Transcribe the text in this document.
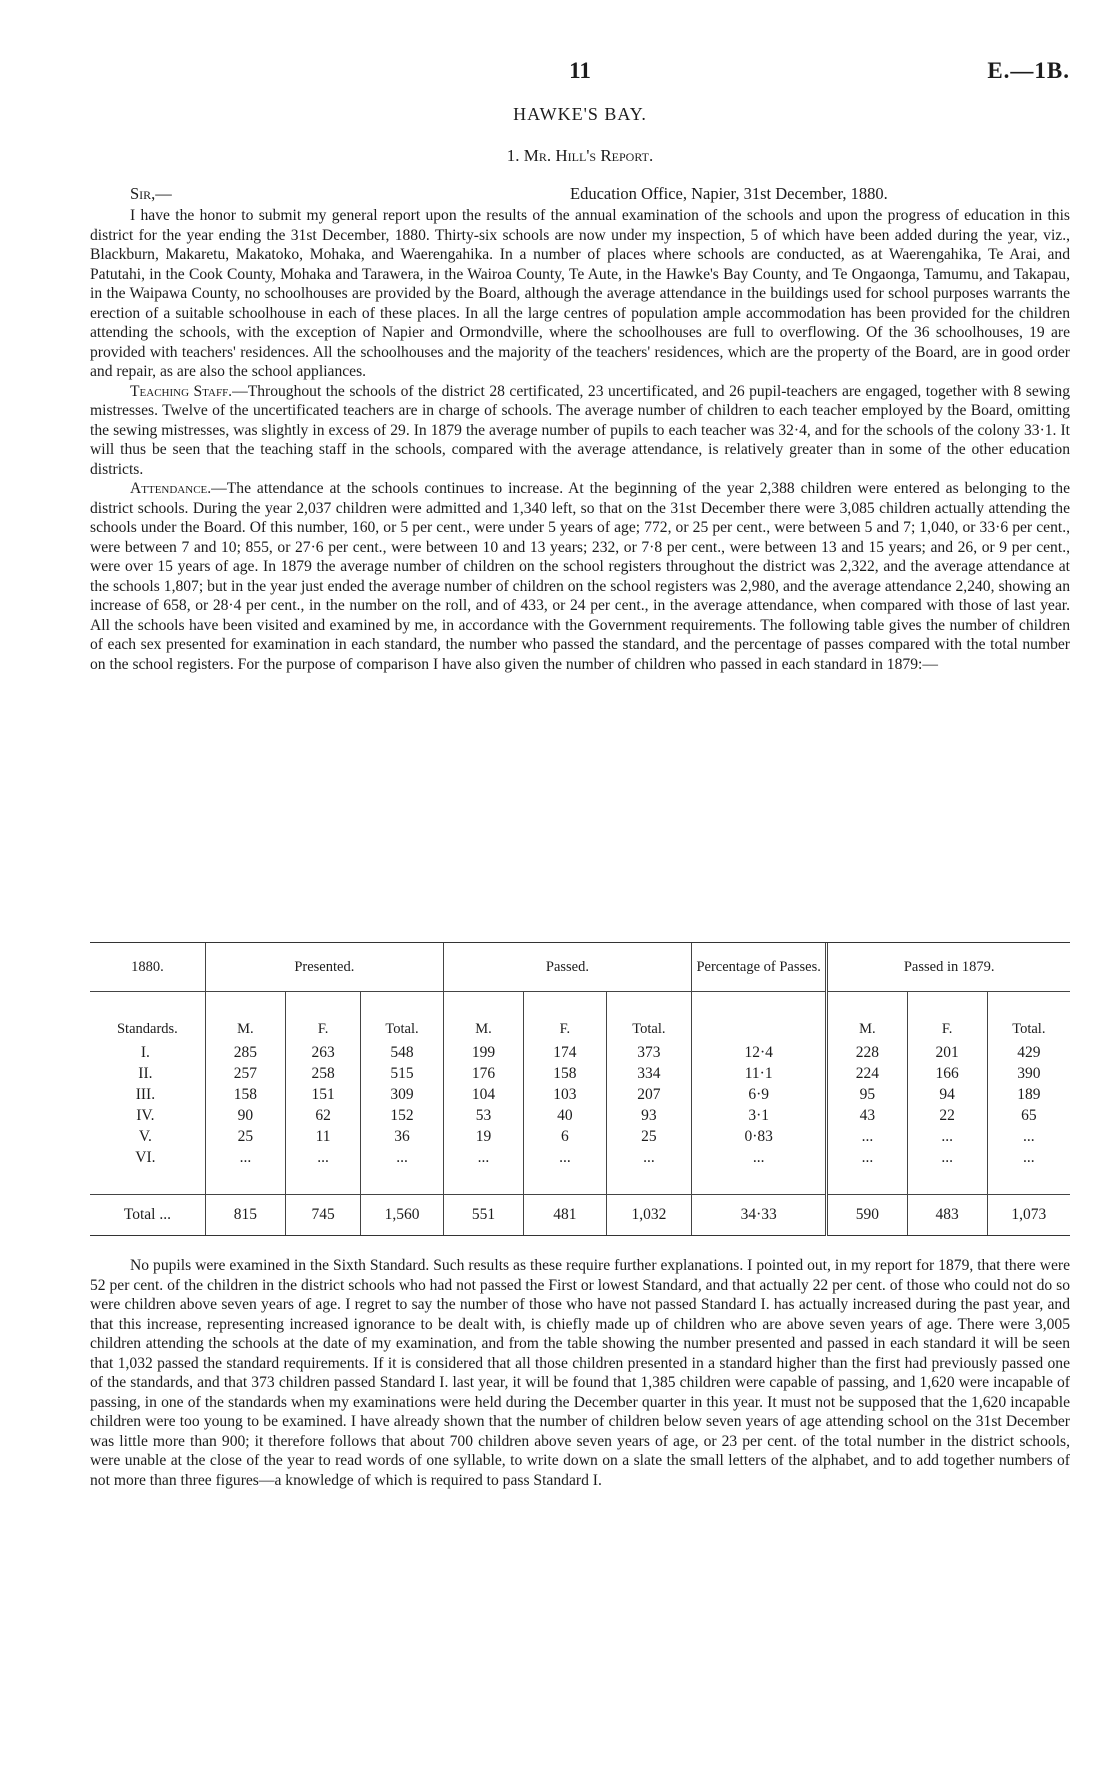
11	E.—1B.
HAWKE'S BAY.
1. Mr. Hill's Report.
Sir,—	Education Office, Napier, 31st December, 1880.

I have the honor to submit my general report upon the results of the annual examination of the schools and upon the progress of education in this district for the year ending the 31st December, 1880. Thirty-six schools are now under my inspection, 5 of which have been added during the year, viz., Blackburn, Makaretu, Makatoko, Mohaka, and Waerengahika. In a number of places where schools are conducted, as at Waerengahika, Te Arai, and Patutahi, in the Cook County, Mohaka and Tarawera, in the Wairoa County, Te Aute, in the Hawke's Bay County, and Te Ongaonga, Tamumu, and Takapau, in the Waipawa County, no schoolhouses are provided by the Board, although the average attendance in the buildings used for school purposes warrants the erection of a suitable schoolhouse in each of these places. In all the large centres of population ample accommodation has been provided for the children attending the schools, with the exception of Napier and Ormondville, where the schoolhouses are full to overflowing. Of the 36 schoolhouses, 19 are provided with teachers' residences. All the schoolhouses and the majority of the teachers' residences, which are the property of the Board, are in good order and repair, as are also the school appliances.

Teaching Staff.—Throughout the schools of the district 28 certificated, 23 uncertificated, and 26 pupil-teachers are engaged, together with 8 sewing mistresses. Twelve of the uncertificated teachers are in charge of schools. The average number of children to each teacher employed by the Board, omitting the sewing mistresses, was slightly in excess of 29. In 1879 the average number of pupils to each teacher was 32·4, and for the schools of the colony 33·1. It will thus be seen that the teaching staff in the schools, compared with the average attendance, is relatively greater than in some of the other education districts.

Attendance.—The attendance at the schools continues to increase. At the beginning of the year 2,388 children were entered as belonging to the district schools. During the year 2,037 children were admitted and 1,340 left, so that on the 31st December there were 3,085 children actually attending the schools under the Board. Of this number, 160, or 5 per cent., were under 5 years of age; 772, or 25 per cent., were between 5 and 7; 1,040, or 33·6 per cent., were between 7 and 10; 855, or 27·6 per cent., were between 10 and 13 years; 232, or 7·8 per cent., were between 13 and 15 years; and 26, or 9 per cent., were over 15 years of age. In 1879 the average number of children on the school registers throughout the district was 2,322, and the average attendance at the schools 1,807; but in the year just ended the average number of children on the school registers was 2,980, and the average attendance 2,240, showing an increase of 658, or 28·4 per cent., in the number on the roll, and of 433, or 24 per cent., in the average attendance, when compared with those of last year. All the schools have been visited and examined by me, in accordance with the Government requirements. The following table gives the number of children of each sex presented for examination in each standard, the number who passed the standard, and the percentage of passes compared with the total number on the school registers. For the purpose of comparison I have also given the number of children who passed in each standard in 1879:—

1880.	Presented.			Passed.			Percentage of Passes.	Passed in 1879.		

Standards.	M.	F.	Total.	M.	F.	Total.		M.	F.	Total.
I.	285	263	548	199	174	373	12·4	228	201	429
II.	257	258	515	176	158	334	11·1	224	166	390
III.	158	151	309	104	103	207	6·9	95	94	189
IV.	90	62	152	53	40	93	3·1	43	22	65
V.	25	11	36	19	6	25	0·83	...	...	...
VI.	...	...	...	...	...	...	...	...	...	...

Total ...	815	745	1,560	551	481	1,032	34·33	590	483	1,073

No pupils were examined in the Sixth Standard. Such results as these require further explanations. I pointed out, in my report for 1879, that there were 52 per cent. of the children in the district schools who had not passed the First or lowest Standard, and that actually 22 per cent. of those who could not do so were children above seven years of age. I regret to say the number of those who have not passed Standard I. has actually increased during the past year, and that this increase, representing increased ignorance to be dealt with, is chiefly made up of children who are above seven years of age. There were 3,005 children attending the schools at the date of my examination, and from the table showing the number presented and passed in each standard it will be seen that 1,032 passed the standard requirements. If it is considered that all those children presented in a standard higher than the first had previously passed one of the standards, and that 373 children passed Standard I. last year, it will be found that 1,385 children were capable of passing, and 1,620 were incapable of passing, in one of the standards when my examinations were held during the December quarter in this year. It must not be supposed that the 1,620 incapable children were too young to be examined. I have already shown that the number of children below seven years of age attending school on the 31st December was little more than 900; it therefore follows that about 700 children above seven years of age, or 23 per cent. of the total number in the district schools, were unable at the close of the year to read words of one syllable, to write down on a slate the small letters of the alphabet, and to add together numbers of not more than three figures—a knowledge of which is required to pass Standard I.
